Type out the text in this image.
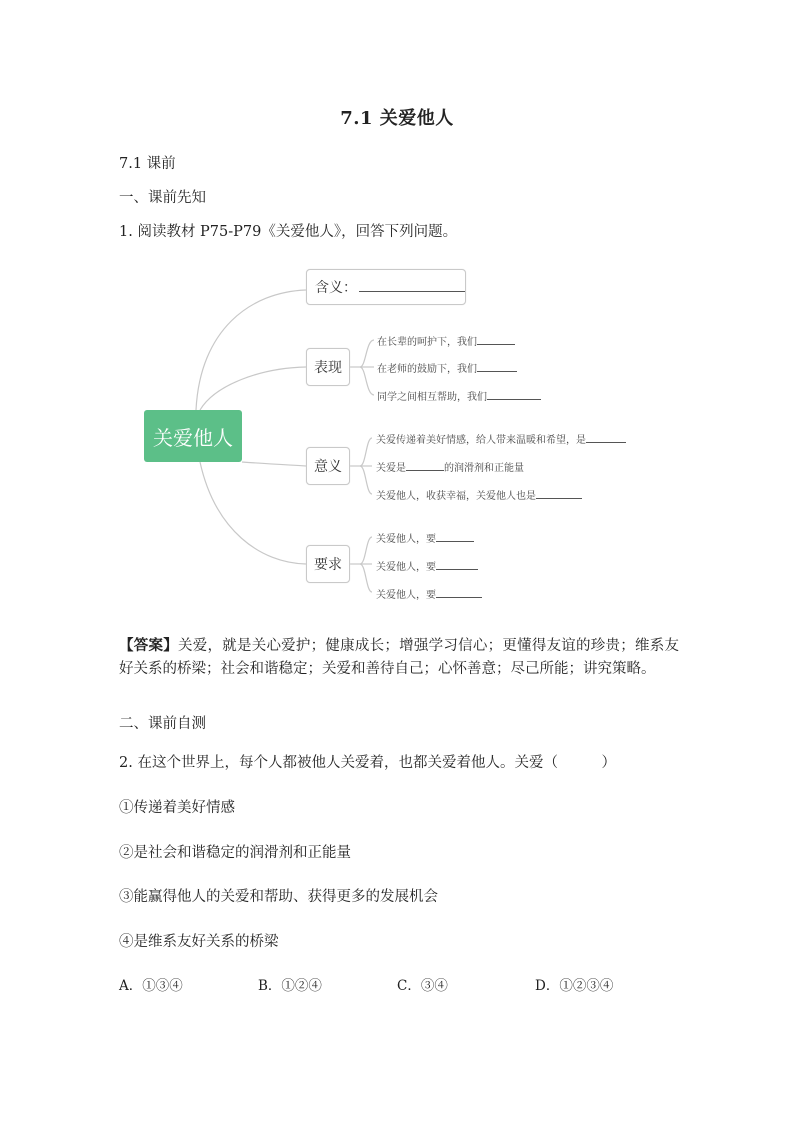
7.1 关爱他人
7.1 课前
一、课前先知
1. 阅读教材 P75-P79《关爱他人》，回答下列问题。
关爱他人
含义：
表现
意义
要求
在长辈的呵护下，我们
在老师的鼓励下，我们
同学之间相互帮助，我们
关爱传递着美好情感，给人带来温暖和希望，是
关爱是	的润滑剂和正能量
关爱他人，收获幸福，关爱他人也是
关爱他人，要
关爱他人，要
关爱他人，要
【答案】关爱，就是关心爱护；健康成长；增强学习信心；更懂得友谊的珍贵；维系友好关系的桥梁；社会和谐稳定；关爱和善待自己；心怀善意；尽己所能；讲究策略。
二、课前自测
2. 在这个世界上，每个人都被他人关爱着，也都关爱着他人。关爱（　　　）
①传递着美好情感
②是社会和谐稳定的润滑剂和正能量
③能赢得他人的关爱和帮助、获得更多的发展机会
④是维系友好关系的桥梁
A．①③④	B．①②④	C．③④	D．①②③④
